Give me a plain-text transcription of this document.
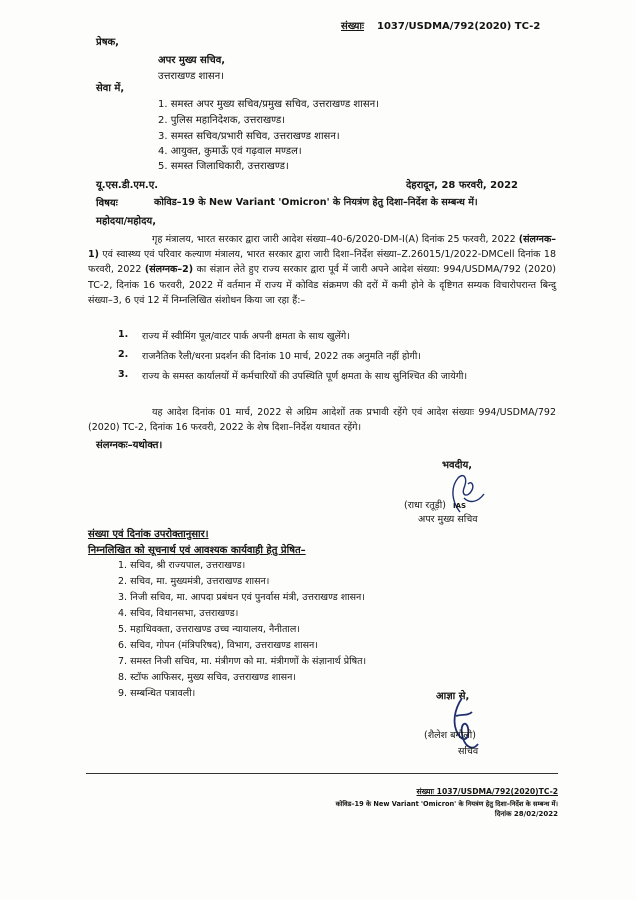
संख्याः 1037/USDMA/792(2020) TC-2
प्रेषक,
अपर मुख्य सचिव,
उत्तराखण्ड शासन।
सेवा में,
1. समस्त अपर मुख्य सचिव/प्रमुख सचिव, उत्तराखण्ड शासन।
2. पुलिस महानिदेशक, उत्तराखण्ड।
3. समस्त सचिव/प्रभारी सचिव, उत्तराखण्ड शासन।
4. आयुक्त, कुमाऊँ एवं गढ़वाल मण्डल।
5. समस्त जिलाधिकारी, उत्तराखण्ड।
यू.एस.डी.एम.ए.	देहरादून, 28 फरवरी, 2022
विषयः	कोविड–19 के New Variant 'Omicron' के नियत्रंण हेतु दिशा–निर्देश के सम्बन्ध में।
महोदया/महोदय,
गृह मंत्रालय, भारत सरकार द्वारा जारी आदेश संख्या–40-6/2020-DM-I(A) दिनांक 25 फरवरी, 2022 (संलग्नक–1) एवं स्वास्थ्य एवं परिवार कल्याण मंत्रालय, भारत सरकार द्वारा जारी दिशा–निर्देश संख्या–Z.26015/1/2022-DMCell दिनांक 18 फरवरी, 2022 (संलग्नक–2) का संज्ञान लेते हुए राज्य सरकार द्वारा पूर्व में जारी अपने आदेश संख्या: 994/USDMA/792 (2020) TC-2, दिनांक 16 फरवरी, 2022 में वर्तमान में राज्य में कोविड संक्रमण की दरों में कमी होने के दृष्टिगत सम्यक विचारोपरान्त बिन्दु संख्या–3, 6 एवं 12 में निम्नलिखित संशोधन किया जा रहा हैं:–
1. राज्य में स्वीमिंग पूल/वाटर पार्क अपनी क्षमता के साथ खुलेंगे।
2. राजनैतिक रैली/धरना प्रदर्शन की दिनांक 10 मार्च, 2022 तक अनुमति नहीं होगी।
3. राज्य के समस्त कार्यालयों में कर्मचारियों की उपस्थिति पूर्ण क्षमता के साथ सुनिश्चित की जायेगी।
यह आदेश दिनांक 01 मार्च, 2022 से अग्रिम आदेशों तक प्रभावी रहेंगे एवं आदेश संख्याः 994/USDMA/792 (2020) TC-2, दिनांक 16 फरवरी, 2022 के शेष दिशा–निर्देश यथावत रहेंगे।
संलग्नकः–यथोक्त।
भवदीय,
(राधा रतूड़ी) IAS
अपर मुख्य सचिव
संख्या एवं दिनांक उपरोक्तानुसार।
निम्नलिखित को सूचनार्थ एवं आवश्यक कार्यवाही हेतु प्रेषित–
1. सचिव, श्री राज्यपाल, उत्तराखण्ड।
2. सचिव, मा. मुख्यमंत्री, उत्तराखण्ड शासन।
3. निजी सचिव, मा. आपदा प्रबंधन एवं पुनर्वास मंत्री, उत्तराखण्ड शासन।
4. सचिव, विधानसभा, उत्तराखण्ड।
5. महाधिवक्ता, उत्तराखण्ड उच्च न्यायालय, नैनीताल।
6. सचिव, गोपन (मंत्रिपरिषद), विभाग, उत्तराखण्ड शासन।
7. समस्त निजी सचिव, मा. मंत्रीगण को मा. मंत्रीगणों के संज्ञानार्थ प्रेषित।
8. स्टॉफ आफिसर, मुख्य सचिव, उत्तराखण्ड शासन।
9. सम्बन्धित पत्रावली।	आज्ञा से,
(शैलेश बगौली)
सचिव
संख्याः 1037/USDMA/792(2020)TC-2
कोविड–19 के New Variant 'Omicron' के नियत्रंण हेतु दिशा–निर्देश के सम्बन्ध में।
दिनांक 28/02/2022
